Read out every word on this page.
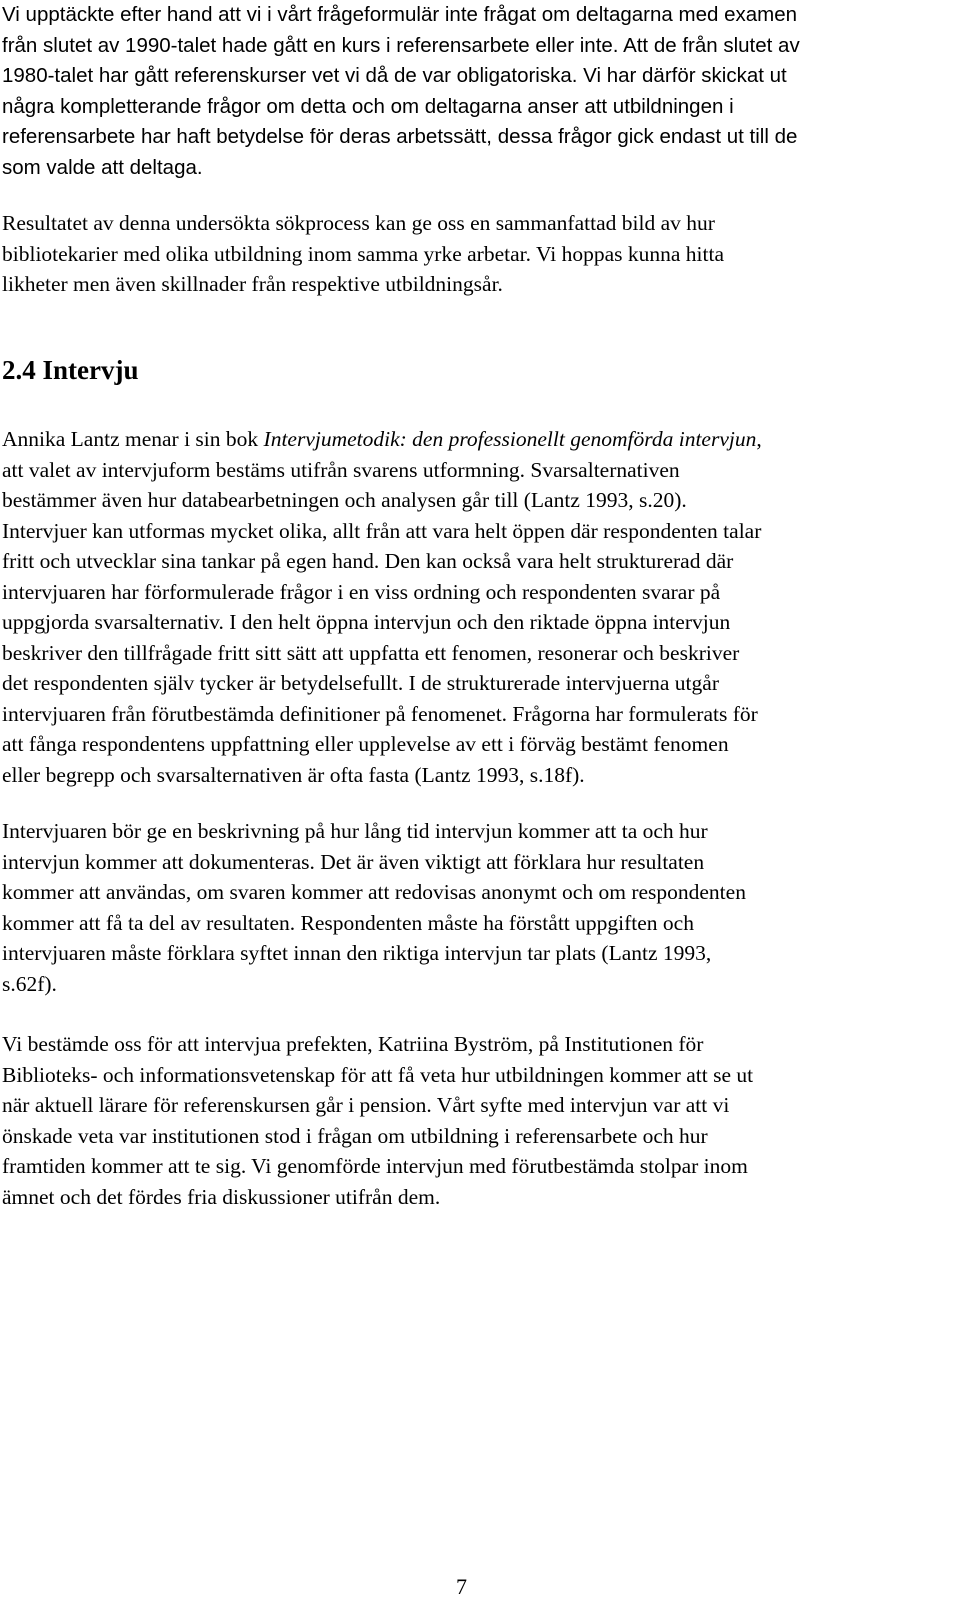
Vi upptäckte efter hand att vi i vårt frågeformulär inte frågat om deltagarna med examen
från slutet av 1990-talet hade gått en kurs i referensarbete eller inte. Att de från slutet av
1980-talet har gått referenskurser vet vi då de var obligatoriska. Vi har därför skickat ut
några kompletterande frågor om detta och om deltagarna anser att utbildningen i
referensarbete har haft betydelse för deras arbetssätt, dessa frågor gick endast ut till de
som valde att deltaga.

Resultatet av denna undersökta sökprocess kan ge oss en sammanfattad bild av hur
bibliotekarier med olika utbildning inom samma yrke arbetar. Vi hoppas kunna hitta
likheter men även skillnader från respektive utbildningsår.

2.4 Intervju

Annika Lantz menar i sin bok Intervjumetodik: den professionellt genomförda intervjun,
att valet av intervjuform bestäms utifrån svarens utformning. Svarsalternativen
bestämmer även hur databearbetningen och analysen går till (Lantz 1993, s.20).
Intervjuer kan utformas mycket olika, allt från att vara helt öppen där respondenten talar
fritt och utvecklar sina tankar på egen hand. Den kan också vara helt strukturerad där
intervjuaren har förformulerade frågor i en viss ordning och respondenten svarar på
uppgjorda svarsalternativ. I den helt öppna intervjun och den riktade öppna intervjun
beskriver den tillfrågade fritt sitt sätt att uppfatta ett fenomen, resonerar och beskriver
det respondenten själv tycker är betydelsefullt. I de strukturerade intervjuerna utgår
intervjuaren från förutbestämda definitioner på fenomenet. Frågorna har formulerats för
att fånga respondentens uppfattning eller upplevelse av ett i förväg bestämt fenomen
eller begrepp och svarsalternativen är ofta fasta (Lantz 1993, s.18f).

Intervjuaren bör ge en beskrivning på hur lång tid intervjun kommer att ta och hur
intervjun kommer att dokumenteras. Det är även viktigt att förklara hur resultaten
kommer att användas, om svaren kommer att redovisas anonymt och om respondenten
kommer att få ta del av resultaten. Respondenten måste ha förstått uppgiften och
intervjuaren måste förklara syftet innan den riktiga intervjun tar plats (Lantz 1993,
s.62f).

Vi bestämde oss för att intervjua prefekten, Katriina Byström, på Institutionen för
Biblioteks- och informationsvetenskap för att få veta hur utbildningen kommer att se ut
när aktuell lärare för referenskursen går i pension. Vårt syfte med intervjun var att vi
önskade veta var institutionen stod i frågan om utbildning i referensarbete och hur
framtiden kommer att te sig. Vi genomförde intervjun med förutbestämda stolpar inom
ämnet och det fördes fria diskussioner utifrån dem.

7
